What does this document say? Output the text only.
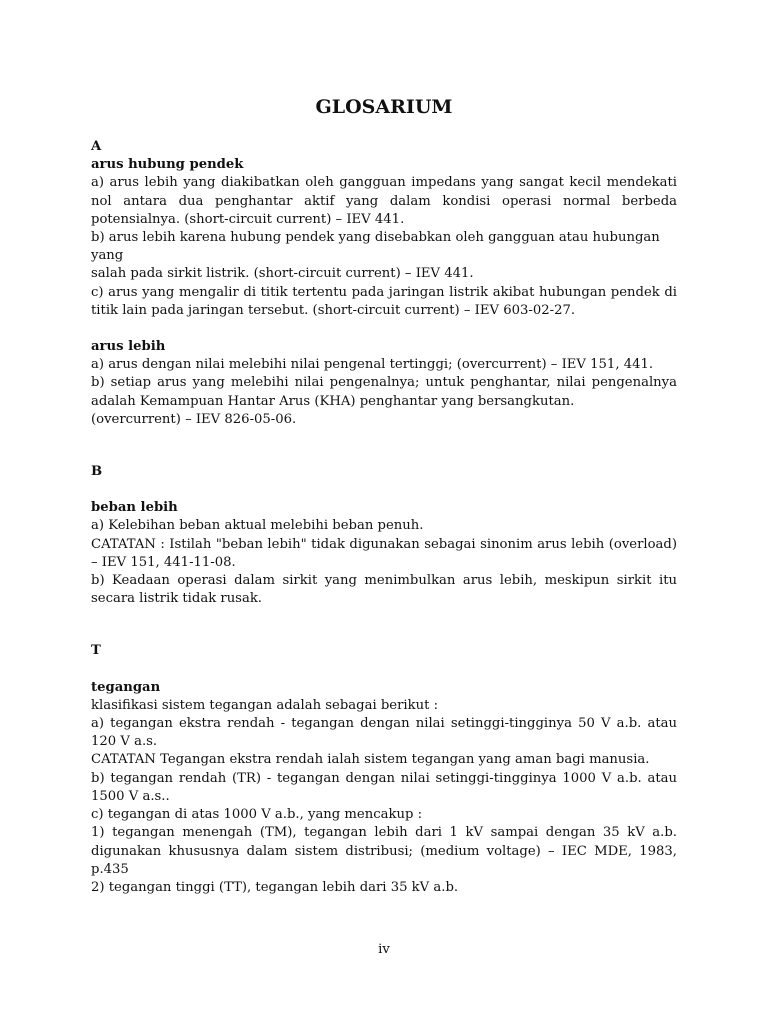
GLOSARIUM
A
arus hubung pendek

a) arus lebih yang diakibatkan oleh gangguan impedans yang sangat kecil mendekati nol antara dua penghantar aktif yang dalam kondisi operasi normal berbeda potensialnya. (short-circuit current) – IEV 441.

b) arus lebih karena hubung pendek yang disebabkan oleh gangguan atau hubungan yang

salah pada sirkit listrik. (short-circuit current) – IEV 441.

c) arus yang mengalir di titik tertentu pada jaringan listrik akibat hubungan pendek di titik lain pada jaringan tersebut. (short-circuit current) – IEV 603-02-27.

arus lebih

a) arus dengan nilai melebihi nilai pengenal tertinggi; (overcurrent) – IEV 151, 441.

b) setiap arus yang melebihi nilai pengenalnya; untuk penghantar, nilai pengenalnya adalah Kemampuan Hantar Arus (KHA) penghantar yang bersangkutan.

(overcurrent) – IEV 826-05-06.

B
beban lebih

a) Kelebihan beban aktual melebihi beban penuh.

CATATAN : Istilah "beban lebih" tidak digunakan sebagai sinonim arus lebih (overload) – IEV 151, 441-11-08.

b) Keadaan operasi dalam sirkit yang menimbulkan arus lebih, meskipun sirkit itu secara listrik tidak rusak.

T
tegangan

klasifikasi sistem tegangan adalah sebagai berikut :

a) tegangan ekstra rendah - tegangan dengan nilai setinggi-tingginya 50 V a.b. atau 120 V a.s.

CATATAN Tegangan ekstra rendah ialah sistem tegangan yang aman bagi manusia.

b) tegangan rendah (TR) - tegangan dengan nilai setinggi-tingginya 1000 V a.b. atau 1500 V a.s..

c) tegangan di atas 1000 V a.b., yang mencakup :

1) tegangan menengah (TM), tegangan lebih dari 1 kV sampai dengan 35 kV a.b. digunakan khususnya dalam sistem distribusi; (medium voltage) – IEC MDE, 1983, p.435

2) tegangan tinggi (TT), tegangan lebih dari 35 kV a.b.

iv
